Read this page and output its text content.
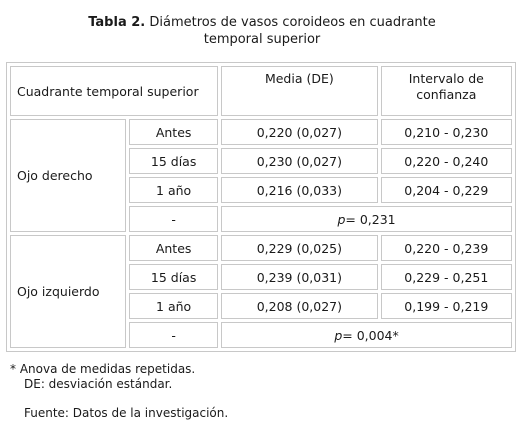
Tabla 2. Diámetros de vasos coroideos en cuadrante
temporal superior
Cuadrante temporal superior		Media (DE)	Intervalo de
confianza

Ojo derecho	Antes	0,220 (0,027)	0,210 - 0,230
	15 días	0,230 (0,027)	0,220 - 0,240
	1 año	0,216 (0,033)	0,204 - 0,229
	-	p= 0,231	
Ojo izquierdo	Antes	0,229 (0,025)	0,220 - 0,239
	15 días	0,239 (0,031)	0,229 - 0,251
	1 año	0,208 (0,027)	0,199 - 0,219
	-	p= 0,004*	
* Anova de medidas repetidas.
DE: desviación estándar.
Fuente: Datos de la investigación.
